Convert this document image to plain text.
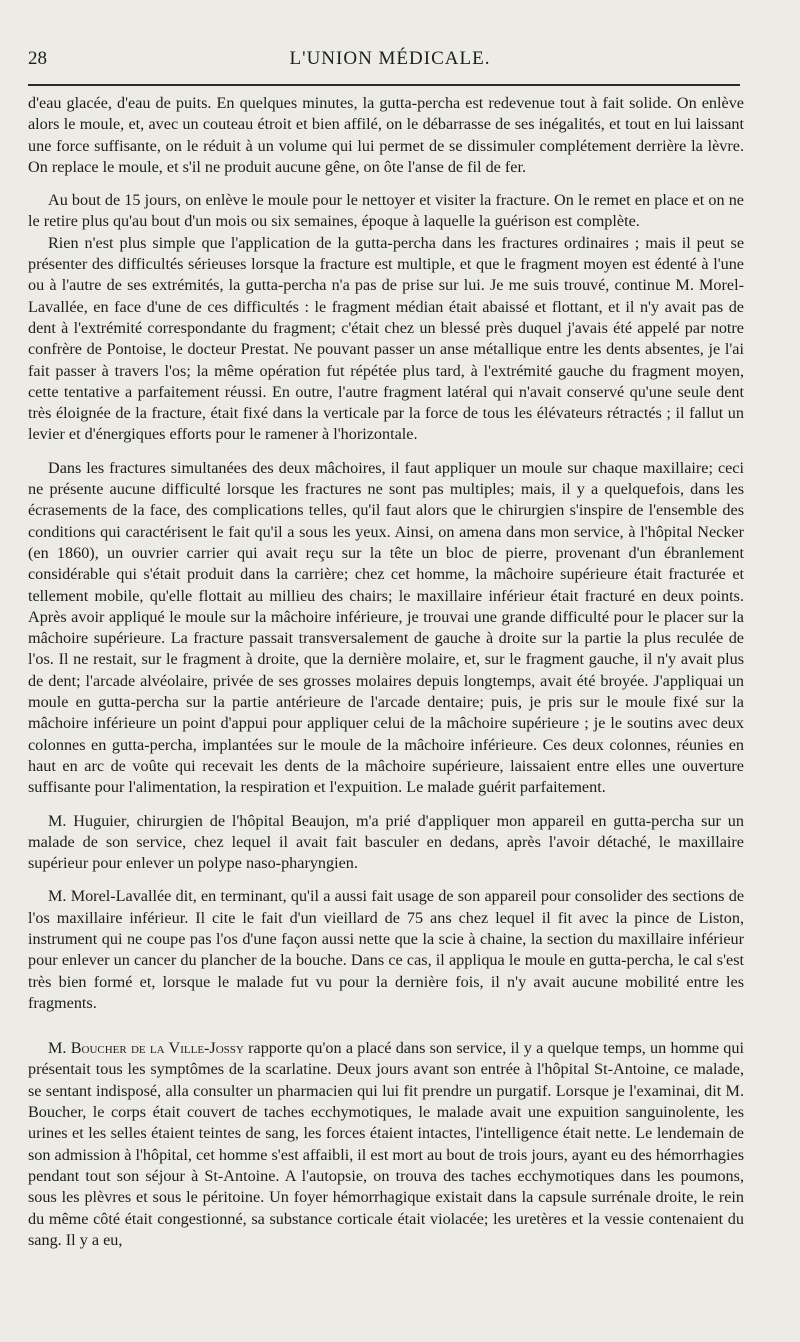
28	L'UNION MÉDICALE.

d'eau glacée, d'eau de puits. En quelques minutes, la gutta-percha est redevenue tout à fait solide. On enlève alors le moule, et, avec un couteau étroit et bien affilé, on le débarrasse de ses inégalités, et tout en lui laissant une force suffisante, on le réduit à un volume qui lui permet de se dissimuler complétement derrière la lèvre. On replace le moule, et s'il ne produit aucune gêne, on ôte l'anse de fil de fer.

Au bout de 15 jours, on enlève le moule pour le nettoyer et visiter la fracture. On le remet en place et on ne le retire plus qu'au bout d'un mois ou six semaines, époque à laquelle la guérison est complète.

Rien n'est plus simple que l'application de la gutta-percha dans les fractures ordinaires ; mais il peut se présenter des difficultés sérieuses lorsque la fracture est multiple, et que le fragment moyen est édenté à l'une ou à l'autre de ses extrémités, la gutta-percha n'a pas de prise sur lui. Je me suis trouvé, continue M. Morel-Lavallée, en face d'une de ces difficultés : le fragment médian était abaissé et flottant, et il n'y avait pas de dent à l'extrémité correspondante du fragment; c'était chez un blessé près duquel j'avais été appelé par notre confrère de Pontoise, le docteur Prestat. Ne pouvant passer un anse métallique entre les dents absentes, je l'ai fait passer à travers l'os; la même opération fut répétée plus tard, à l'extrémité gauche du fragment moyen, cette tentative a parfaitement réussi. En outre, l'autre fragment latéral qui n'avait conservé qu'une seule dent très éloignée de la fracture, était fixé dans la verticale par la force de tous les élévateurs rétractés ; il fallut un levier et d'énergiques efforts pour le ramener à l'horizontale.

Dans les fractures simultanées des deux mâchoires, il faut appliquer un moule sur chaque maxillaire; ceci ne présente aucune difficulté lorsque les fractures ne sont pas multiples; mais, il y a quelquefois, dans les écrasements de la face, des complications telles, qu'il faut alors que le chirurgien s'inspire de l'ensemble des conditions qui caractérisent le fait qu'il a sous les yeux. Ainsi, on amena dans mon service, à l'hôpital Necker (en 1860), un ouvrier carrier qui avait reçu sur la tête un bloc de pierre, provenant d'un ébranlement considérable qui s'était produit dans la carrière; chez cet homme, la mâchoire supérieure était fracturée et tellement mobile, qu'elle flottait au millieu des chairs; le maxillaire inférieur était fracturé en deux points. Après avoir appliqué le moule sur la mâchoire inférieure, je trouvai une grande difficulté pour le placer sur la mâchoire supérieure. La fracture passait transversalement de gauche à droite sur la partie la plus reculée de l'os. Il ne restait, sur le fragment à droite, que la dernière molaire, et, sur le fragment gauche, il n'y avait plus de dent; l'arcade alvéolaire, privée de ses grosses molaires depuis longtemps, avait été broyée. J'appliquai un moule en gutta-percha sur la partie antérieure de l'arcade dentaire; puis, je pris sur le moule fixé sur la mâchoire inférieure un point d'appui pour appliquer celui de la mâchoire supérieure ; je le soutins avec deux colonnes en gutta-percha, implantées sur le moule de la mâchoire inférieure. Ces deux colonnes, réunies en haut en arc de voûte qui recevait les dents de la mâchoire supérieure, laissaient entre elles une ouverture suffisante pour l'alimentation, la respiration et l'expuition. Le malade guérit parfaitement.

M. Huguier, chirurgien de l'hôpital Beaujon, m'a prié d'appliquer mon appareil en gutta-percha sur un malade de son service, chez lequel il avait fait basculer en dedans, après l'avoir détaché, le maxillaire supérieur pour enlever un polype naso-pharyngien.

M. Morel-Lavallée dit, en terminant, qu'il a aussi fait usage de son appareil pour consolider des sections de l'os maxillaire inférieur. Il cite le fait d'un vieillard de 75 ans chez lequel il fit avec la pince de Liston, instrument qui ne coupe pas l'os d'une façon aussi nette que la scie à chaine, la section du maxillaire inférieur pour enlever un cancer du plancher de la bouche. Dans ce cas, il appliqua le moule en gutta-percha, le cal s'est très bien formé et, lorsque le malade fut vu pour la dernière fois, il n'y avait aucune mobilité entre les fragments.

M. Boucher de la Ville-Jossy rapporte qu'on a placé dans son service, il y a quelque temps, un homme qui présentait tous les symptômes de la scarlatine. Deux jours avant son entrée à l'hôpital St-Antoine, ce malade, se sentant indisposé, alla consulter un pharmacien qui lui fit prendre un purgatif. Lorsque je l'examinai, dit M. Boucher, le corps était couvert de taches ecchymotiques, le malade avait une expuition sanguinolente, les urines et les selles étaient teintes de sang, les forces étaient intactes, l'intelligence était nette. Le lendemain de son admission à l'hôpital, cet homme s'est affaibli, il est mort au bout de trois jours, ayant eu des hémorrhagies pendant tout son séjour à St-Antoine. A l'autopsie, on trouva des taches ecchymotiques dans les poumons, sous les plèvres et sous le péritoine. Un foyer hémorrhagique existait dans la capsule surrénale droite, le rein du même côté était congestionné, sa substance corticale était violacée; les uretères et la vessie contenaient du sang. Il y a eu,
